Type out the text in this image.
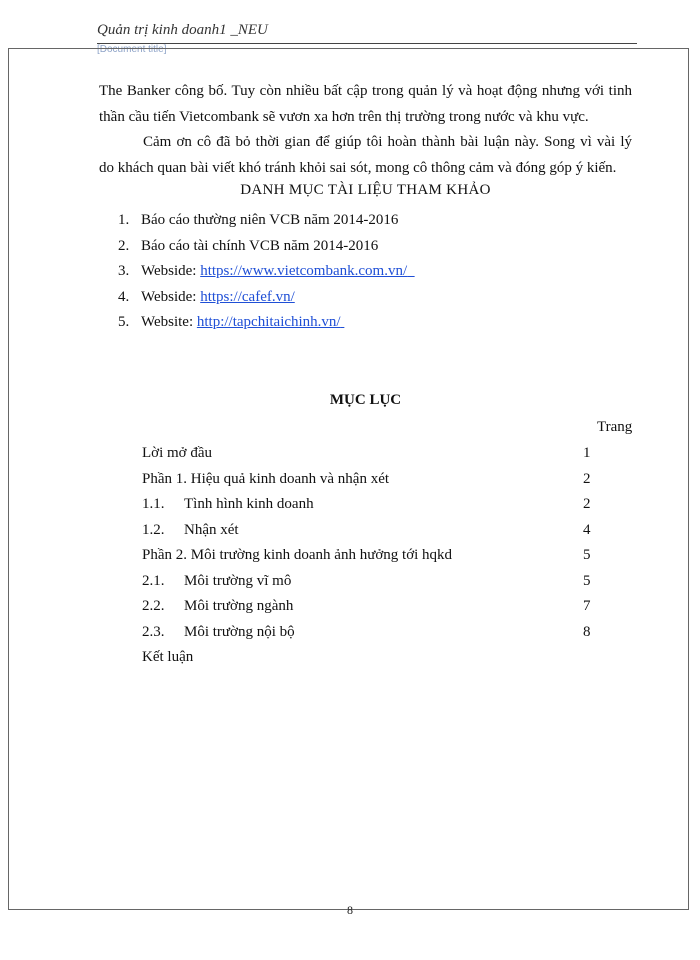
Quản trị kinh doanh1 _NEU
[Document title]
The Banker công bố. Tuy còn nhiều bất cập trong quản lý và hoạt động nhưng với tinh
thần cầu tiến Vietcombank sẽ vươn xa hơn trên thị trường trong nước và khu vực.
Cảm ơn cô đã bỏ thời gian để giúp tôi hoàn thành bài luận này. Song vì vài lý
do khách quan bài viết khó tránh khỏi sai sót, mong cô thông cảm và đóng góp ý kiến.
DANH MỤC TÀI LIỆU THAM KHẢO
1. Báo cáo thường niên VCB năm 2014-2016
2. Báo cáo tài chính VCB năm 2014-2016
3. Webside: https://www.vietcombank.com.vn/
4. Webside: https://cafef.vn/
5. Website: http://tapchitaichinh.vn/
MỤC LỤC
Trang
Lời mở đầu	1
Phần 1. Hiệu quả kinh doanh và nhận xét	2
1.1. Tình hình kinh doanh	2
1.2. Nhận xét	4
Phần 2. Môi trường kinh doanh ảnh hưởng tới hqkd	5
2.1. Môi trường vĩ mô	5
2.2. Môi trường ngành	7
2.3. Môi trường nội bộ	8
Kết luận
8
